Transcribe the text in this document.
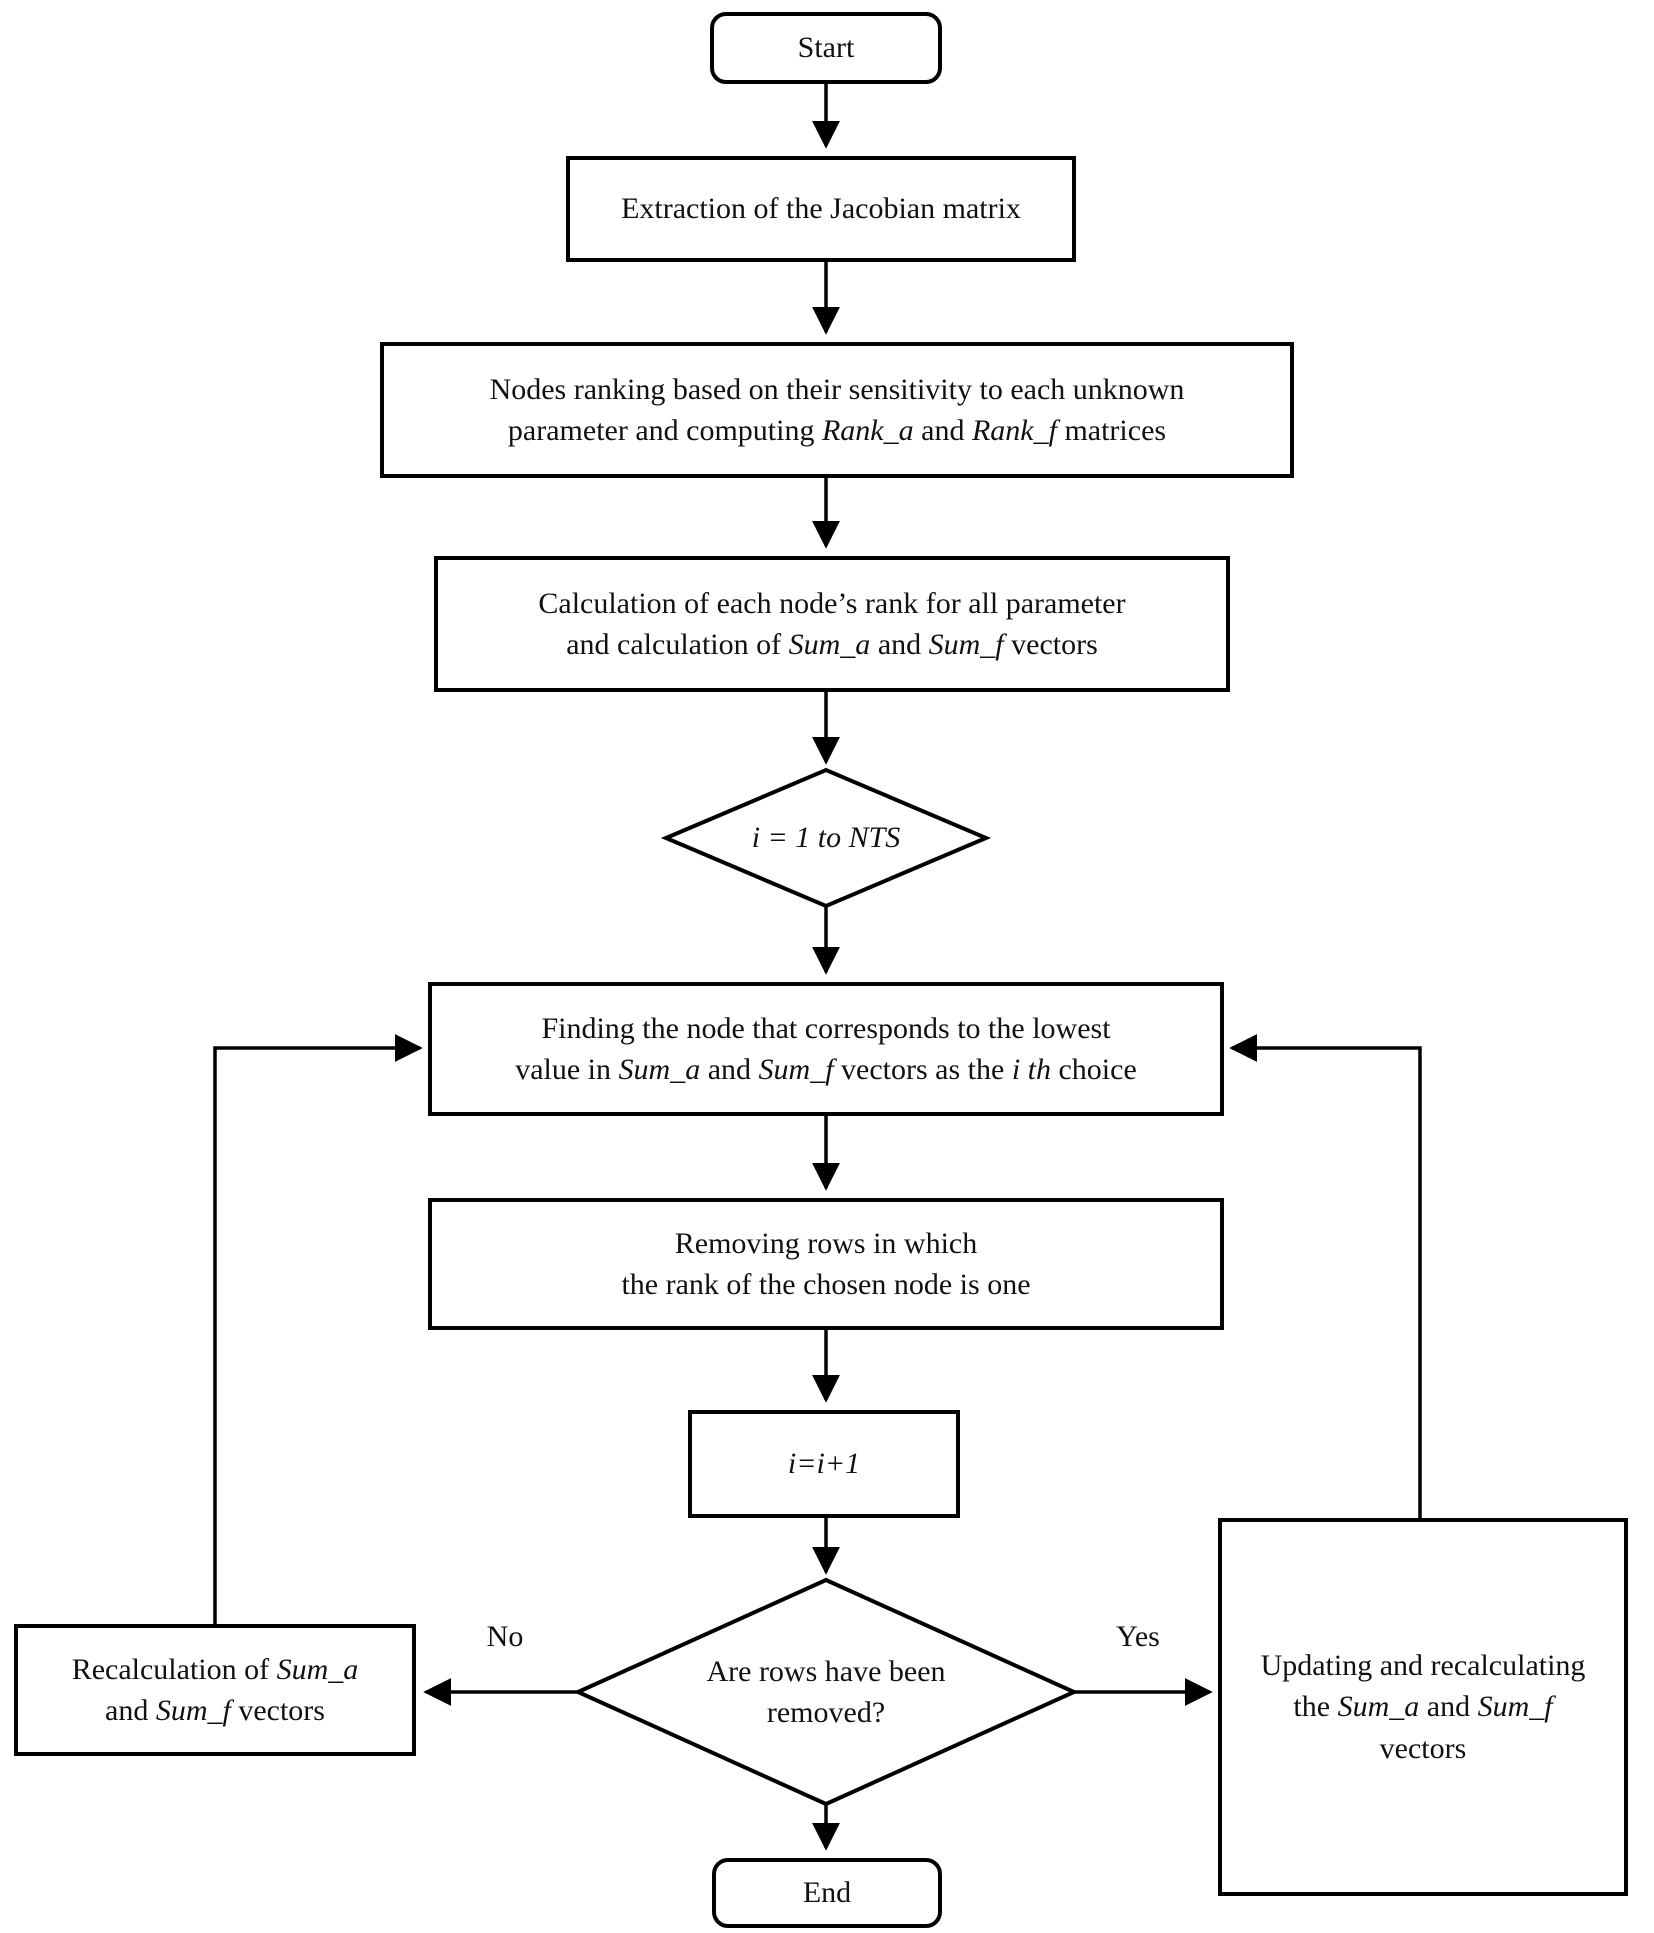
Start
Extraction of the Jacobian matrix
Nodes ranking based on their sensitivity to each unknown
parameter and computing Rank_a and Rank_f matrices
Calculation of each node’s rank for all parameter
and calculation of Sum_a and Sum_f vectors
i = 1 to NTS
Finding the node that corresponds to the lowest
value in Sum_a and Sum_f vectors as the i th choice
Removing rows in which
the rank of the chosen node is one
i=i+1
Are rows have been
removed?
Recalculation of Sum_a
and Sum_f vectors
Updating and recalculating
the Sum_a and Sum_f
vectors
End
No	Yes
